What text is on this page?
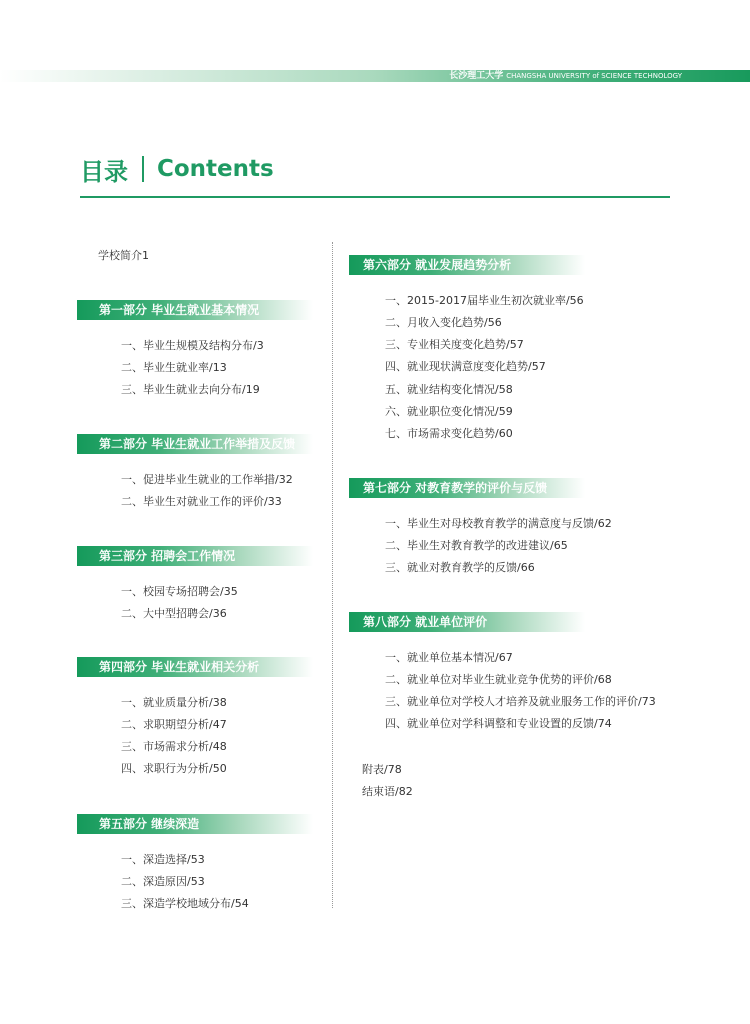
长沙理工大学 CHANGSHA UNIVERSITY of SCIENCE TECHNOLOGY
目录 Contents
学校简介1
第一部分 毕业生就业基本情况
一、毕业生规模及结构分布/3
二、毕业生就业率/13
三、毕业生就业去向分布/19
第二部分 毕业生就业工作举措及反馈
一、促进毕业生就业的工作举措/32
二、毕业生对就业工作的评价/33
第三部分 招聘会工作情况
一、校园专场招聘会/35
二、大中型招聘会/36
第四部分 毕业生就业相关分析
一、就业质量分析/38
二、求职期望分析/47
三、市场需求分析/48
四、求职行为分析/50
第五部分 继续深造
一、深造选择/53
二、深造原因/53
三、深造学校地域分布/54
第六部分 就业发展趋势分析
一、2015-2017届毕业生初次就业率/56
二、月收入变化趋势/56
三、专业相关度变化趋势/57
四、就业现状满意度变化趋势/57
五、就业结构变化情况/58
六、就业职位变化情况/59
七、市场需求变化趋势/60
第七部分 对教育教学的评价与反馈
一、毕业生对母校教育教学的满意度与反馈/62
二、毕业生对教育教学的改进建议/65
三、就业对教育教学的反馈/66
第八部分 就业单位评价
一、就业单位基本情况/67
二、就业单位对毕业生就业竞争优势的评价/68
三、就业单位对学校人才培养及就业服务工作的评价/73
四、就业单位对学科调整和专业设置的反馈/74
附表/78
结束语/82
